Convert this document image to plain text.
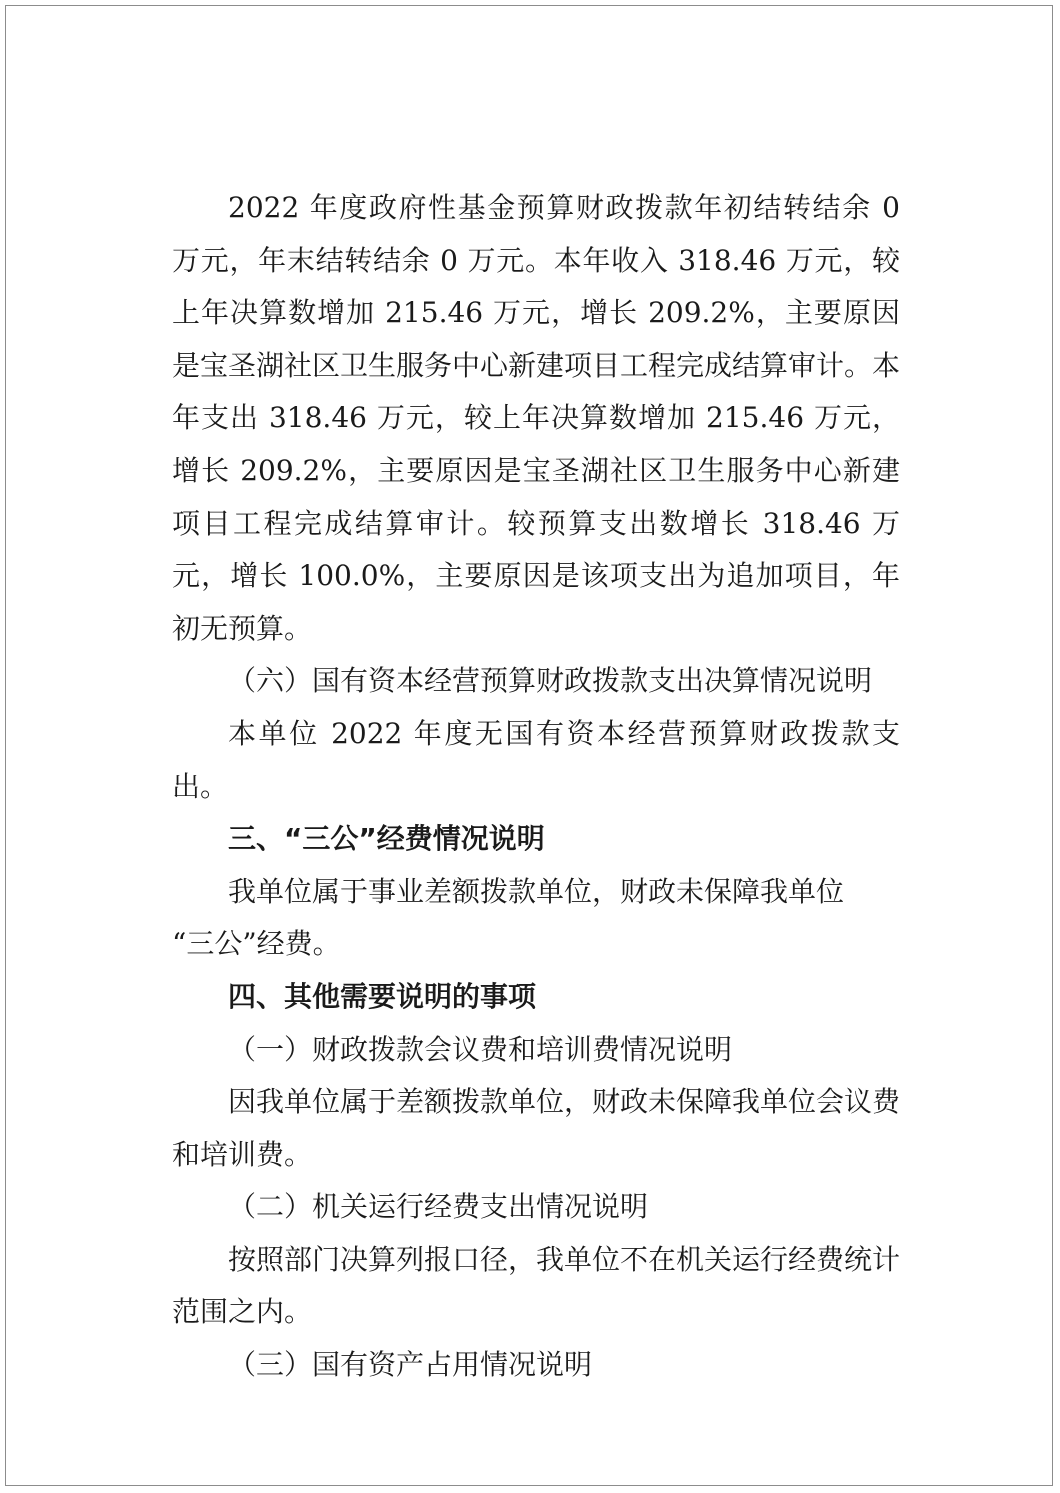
2022 年度政府性基金预算财政拨款年初结转结余 0 万元，年末结转结余 0 万元。本年收入 318.46 万元，较上年决算数增加 215.46 万元，增长 209.2%，主要原因是宝圣湖社区卫生服务中心新建项目工程完成结算审计。本年支出 318.46 万元，较上年决算数增加 215.46 万元，增长 209.2%，主要原因是宝圣湖社区卫生服务中心新建项目工程完成结算审计。较预算支出数增长 318.46 万元，增长 100.0%，主要原因是该项支出为追加项目，年初无预算。

（六）国有资本经营预算财政拨款支出决算情况说明

本单位 2022 年度无国有资本经营预算财政拨款支出。

三、“三公”经费情况说明

我单位属于事业差额拨款单位，财政未保障我单位

“三公”经费。

四、其他需要说明的事项

（一）财政拨款会议费和培训费情况说明

因我单位属于差额拨款单位，财政未保障我单位会议费和培训费。

（二）机关运行经费支出情况说明

按照部门决算列报口径，我单位不在机关运行经费统计范围之内。

（三）国有资产占用情况说明
